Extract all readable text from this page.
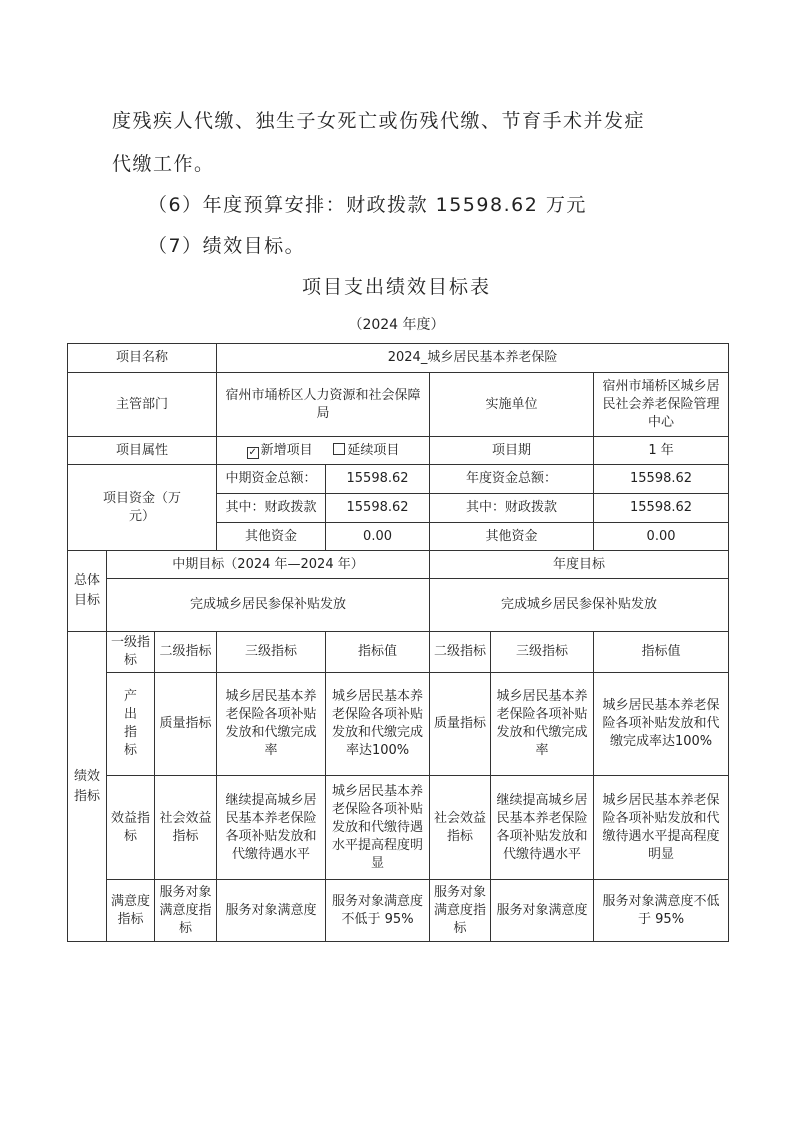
度残疾人代缴、独生子女死亡或伤残代缴、节育手术并发症
代缴工作。
（6）年度预算安排：财政拨款 15598.62 万元
（7）绩效目标。
项目支出绩效目标表
（2024 年度）
项目名称			2024_城乡居民基本养老保险				
主管部门			宿州市埇桥区人力资源和社会保障局		实施单位		宿州市埇桥区城乡居民社会养老保险管理中心
项目属性			✓ 新增项目 延续项目		项目期		1 年
项目资金（万元）			中期资金总额：	15598.62	年度资金总额：		15598.62
			其中：财政拨款	15598.62	其中：财政拨款		15598.62
			其他资金	0.00	其他资金		0.00
总体目标	中期目标（2024 年—2024 年）				年度目标		
	完成城乡居民参保补贴发放				完成城乡居民参保补贴发放		
绩效指标	一级指标	二级指标	三级指标	指标值	二级指标	三级指标	指标值
	产出指标	质量指标	城乡居民基本养老保险各项补贴发放和代缴完成率	城乡居民基本养老保险各项补贴发放和代缴完成率达100%	质量指标	城乡居民基本养老保险各项补贴发放和代缴完成率	城乡居民基本养老保险各项补贴发放和代缴完成率达100%
	效益指标	社会效益指标	继续提高城乡居民基本养老保险各项补贴发放和代缴待遇水平	城乡居民基本养老保险各项补贴发放和代缴待遇水平提高程度明显	社会效益指标	继续提高城乡居民基本养老保险各项补贴发放和代缴待遇水平	城乡居民基本养老保险各项补贴发放和代缴待遇水平提高程度明显
	满意度指标	服务对象满意度指标	服务对象满意度	服务对象满意度不低于 95%	服务对象满意度指标	服务对象满意度	服务对象满意度不低于 95%
